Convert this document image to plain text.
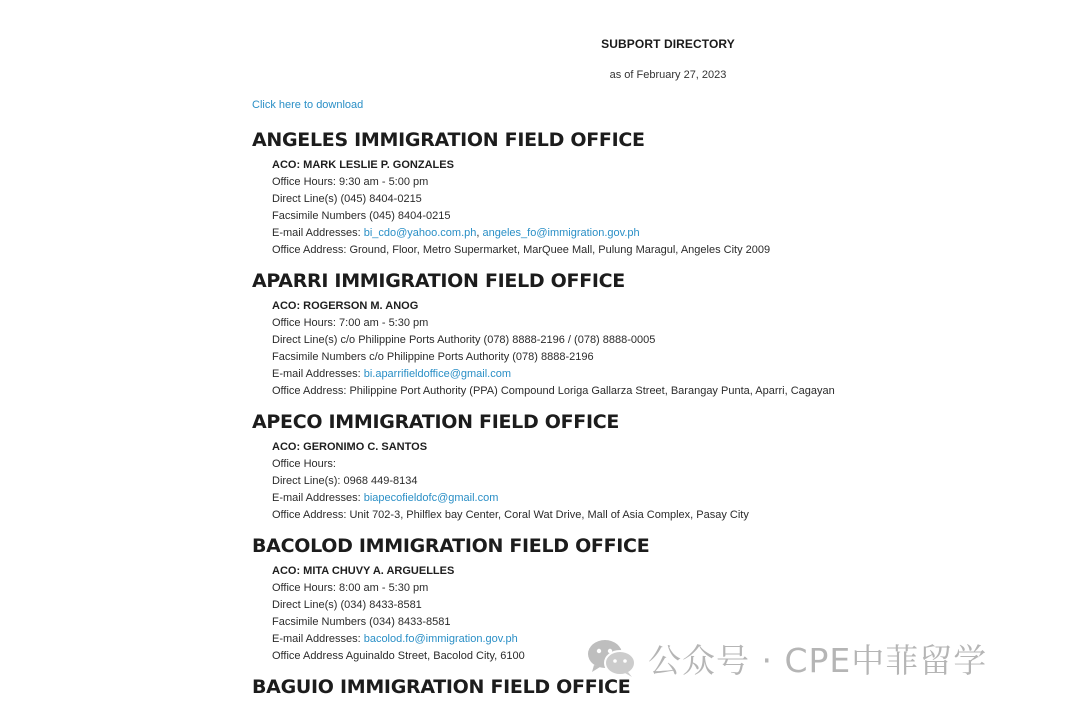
SUBPORT DIRECTORY
as of February 27, 2023
Click here to download
ANGELES IMMIGRATION FIELD OFFICE
ACO: MARK LESLIE P. GONZALES
Office Hours: 9:30 am - 5:00 pm
Direct Line(s) (045) 8404-0215
Facsimile Numbers (045) 8404-0215
E-mail Addresses: bi_cdo@yahoo.com.ph, angeles_fo@immigration.gov.ph
Office Address: Ground, Floor, Metro Supermarket, MarQuee Mall, Pulung Maragul, Angeles City 2009
APARRI IMMIGRATION FIELD OFFICE
ACO: ROGERSON M. ANOG
Office Hours: 7:00 am - 5:30 pm
Direct Line(s) c/o Philippine Ports Authority (078) 8888-2196 / (078) 8888-0005
Facsimile Numbers c/o Philippine Ports Authority (078) 8888-2196
E-mail Addresses: bi.aparrifieldoffice@gmail.com
Office Address: Philippine Port Authority (PPA) Compound Loriga Gallarza Street, Barangay Punta, Aparri, Cagayan
APECO IMMIGRATION FIELD OFFICE
ACO: GERONIMO C. SANTOS
Office Hours:
Direct Line(s): 0968 449-8134
E-mail Addresses: biapecofieldofc@gmail.com
Office Address: Unit 702-3, Philflex bay Center, Coral Wat Drive, Mall of Asia Complex, Pasay City
BACOLOD IMMIGRATION FIELD OFFICE
ACO: MITA CHUVY A. ARGUELLES
Office Hours: 8:00 am - 5:30 pm
Direct Line(s) (034) 8433-8581
Facsimile Numbers (034) 8433-8581
E-mail Addresses: bacolod.fo@immigration.gov.ph
Office Address Aguinaldo Street, Bacolod City, 6100
BAGUIO IMMIGRATION FIELD OFFICE
公众号 · CPE中菲留学
